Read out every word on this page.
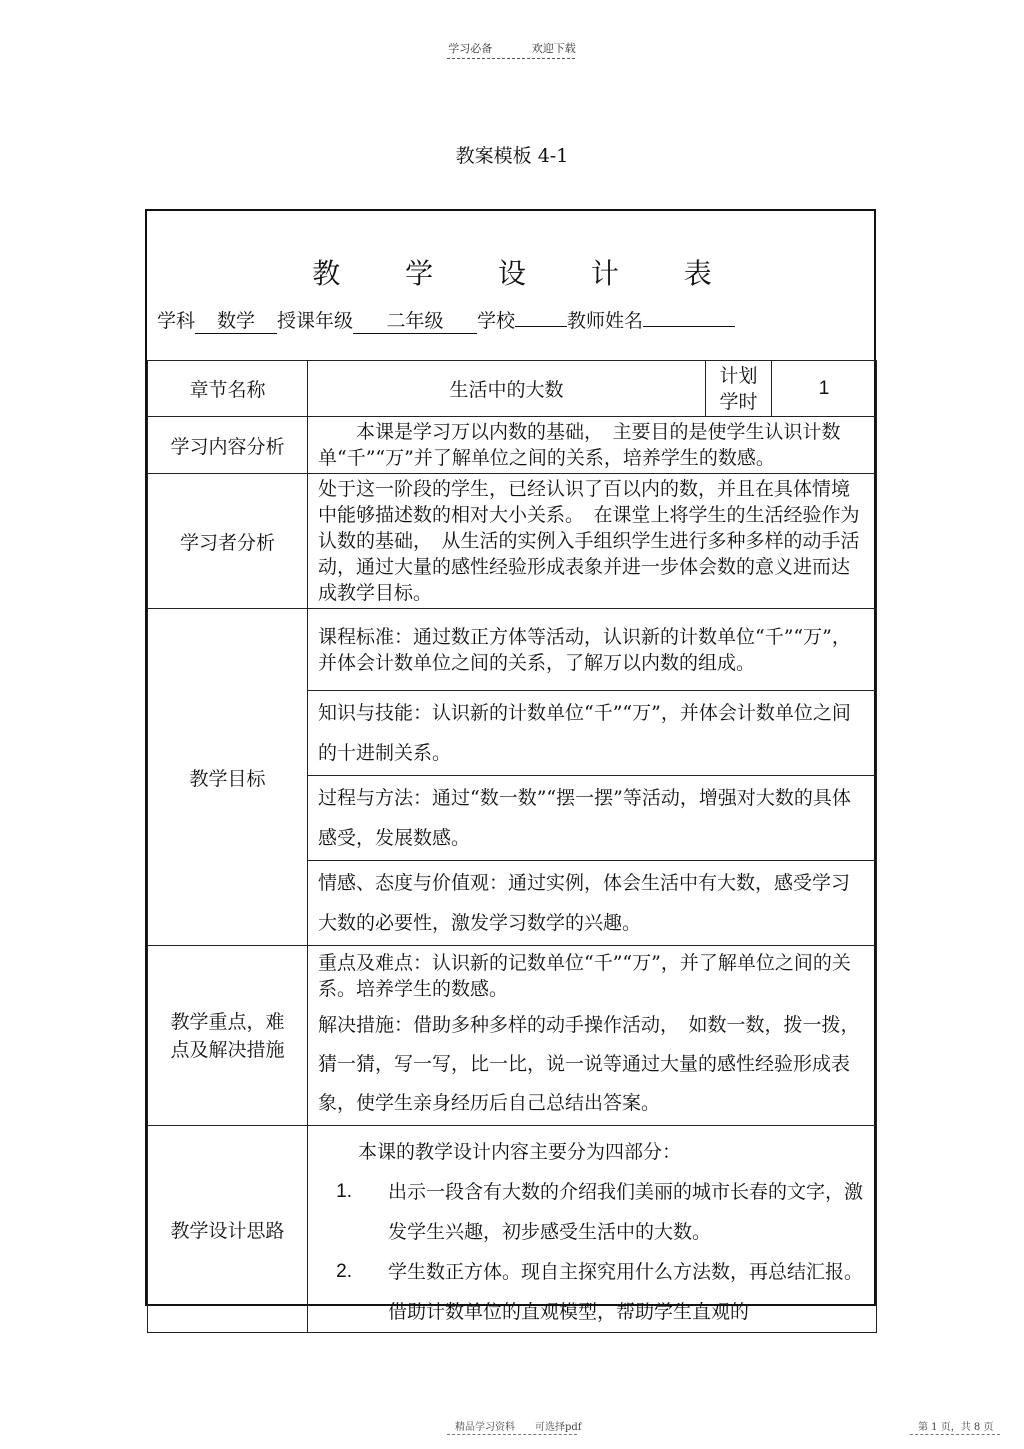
学习必备	欢迎下载
教案模板 4-1
教 学 设 计 表
学科 数学 授课年级 二年级 学校	教师姓名
章节名称	生活中的大数	计划学时	1
学习内容分析	　　本课是学习万以内数的基础，　主要目的是使学生认识计数单“千”“万”并了解单位之间的关系，培养学生的数感。		

学习者分析	处于这一阶段的学生，已经认识了百以内的数，并且在具体情境中能够描述数的相对大小关系。　在课堂上将学生的生活经验作为认数的基础，　从生活的实例入手组织学生进行多种多样的动手活动，通过大量的感性经验形成表象并进一步体会数的意义进而达成教学目标。		

教学目标	课程标准：通过数正方体等活动，认识新的计数单位“千”“万”，并体会计数单位之间的关系，了解万以内数的组成。		

	知识与技能：认识新的计数单位“千”“万”，并体会计数单位之间的十进制关系。		

	过程与方法：通过“数一数”“摆一摆”等活动，增强对大数的具体感受，发展数感。		

	情感、态度与价值观：通过实例，体会生活中有大数，感受学习大数的必要性，激发学习数学的兴趣。		

教学重点，难点及解决措施	重点及难点：认识新的记数单位“千”“万”，并了解单位之间的关系。培养学生的数感。
解决措施：借助多种多样的动手操作活动，　如数一数，拨一拨，猜一猜，写一写，比一比，说一说等通过大量的感性经验形成表象，使学生亲身经历后自己总结出答案。		

教学设计思路	本课的教学设计内容主要分为四部分：
1. 出示一段含有大数的介绍我们美丽的城市长春的文字，激发学生兴趣，初步感受生活中的大数。
2. 学生数正方体。现自主探究用什么方法数，再总结汇报。借助计数单位的直观模型，帮助学生直观的		
精品学习资料　　可选择pdf	第 1 页，共 8 页
